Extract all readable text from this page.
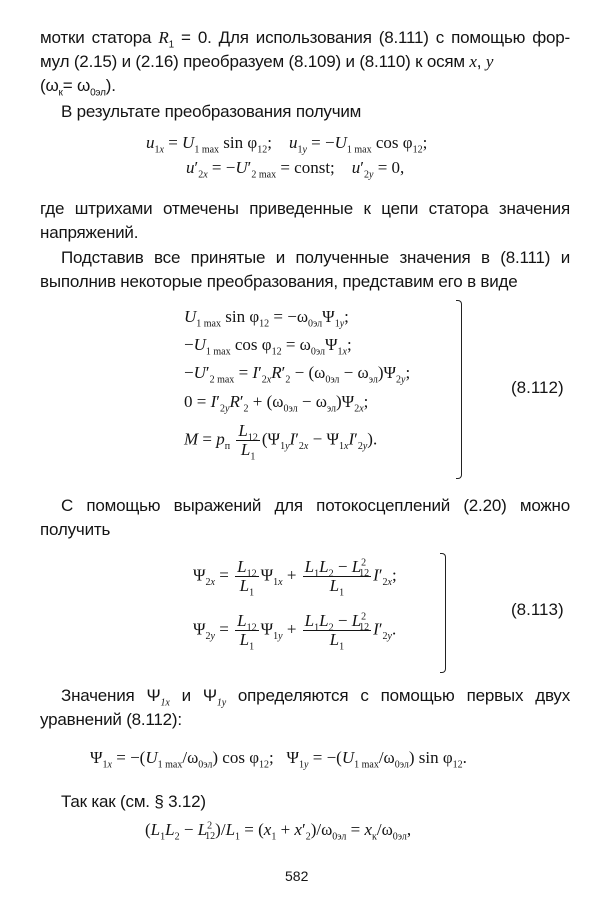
мотки статора $R_1 = 0$. Для использования (8.111) с помощью фор-мул (2.15) и (2.16) преобразуем (8.109) и (8.110) к осям x, y
$(\omega_к= \omega_{0эл})$.
В результате преобразования получим
$u_{1x} = U_{1 max}$ $\sin \varphi_{12}$;    $u_{1y} = -U_{1 max}$ $\cos \varphi_{12}$;
$u'_{2x} = -U'_{2 max}$ = const;    $u'_{2y} = 0$,
где штрихами отмечены приведенные к цепи статора значения напряжений.
Подставив все принятые и полученные значения в (8.111) и выполнив некоторые преобразования, представим его в виде
$U_{1 max}$ $\sin \varphi_{12} = -\omega_{0эл}\Psi_{1y}$;
$-U_{1 max}$ $\cos \varphi_{12} = \omega_{0эл}\Psi_{1x}$;
$-U'_{2 max} = I'_{2x}R'_2 - (\omega_{0эл} - \omega_{эл})\Psi_{2y}$;
$0 = I'_{2y}R'_2 + (\omega_{0эл} - \omega_{эл})\Psi_{2x}$;
$M = p_п \frac{L_{12}}{L_1} (\Psi_{1y}I'_{2x} - \Psi_{1x}I'_{2y})$.
(8.112)
С помощью выражений для потокосцеплений (2.20) можно получить
$\Psi_{2x} = \frac{L_{12}}{L_1} \Psi_{1x} + \frac{L_1L_2 - L^2_{12}}{L_1} I'_{2x}$;
$\Psi_{2y} = \frac{L_{12}}{L_1} \Psi_{1y} + \frac{L_1L_2 - L^2_{12}}{L_1} I'_{2y}$.
(8.113)
Значения $\Psi_{1x}$ и $\Psi_{1y}$ определяются с помощью первых двух уравнений (8.112):
$\Psi_{1x} = -(U_{1 max}/\omega_{0эл})$ $\cos \varphi_{12}$;   $\Psi_{1y} = -(U_{1 max}/\omega_{0эл})$ $\sin \varphi_{12}$.
Так как (см. § 3.12)
$(L_1L_2 - L^2_{12})/L_1 = (x_1 + x'_2)/\omega_{0эл} = x_к/\omega_{0эл}$,
582
